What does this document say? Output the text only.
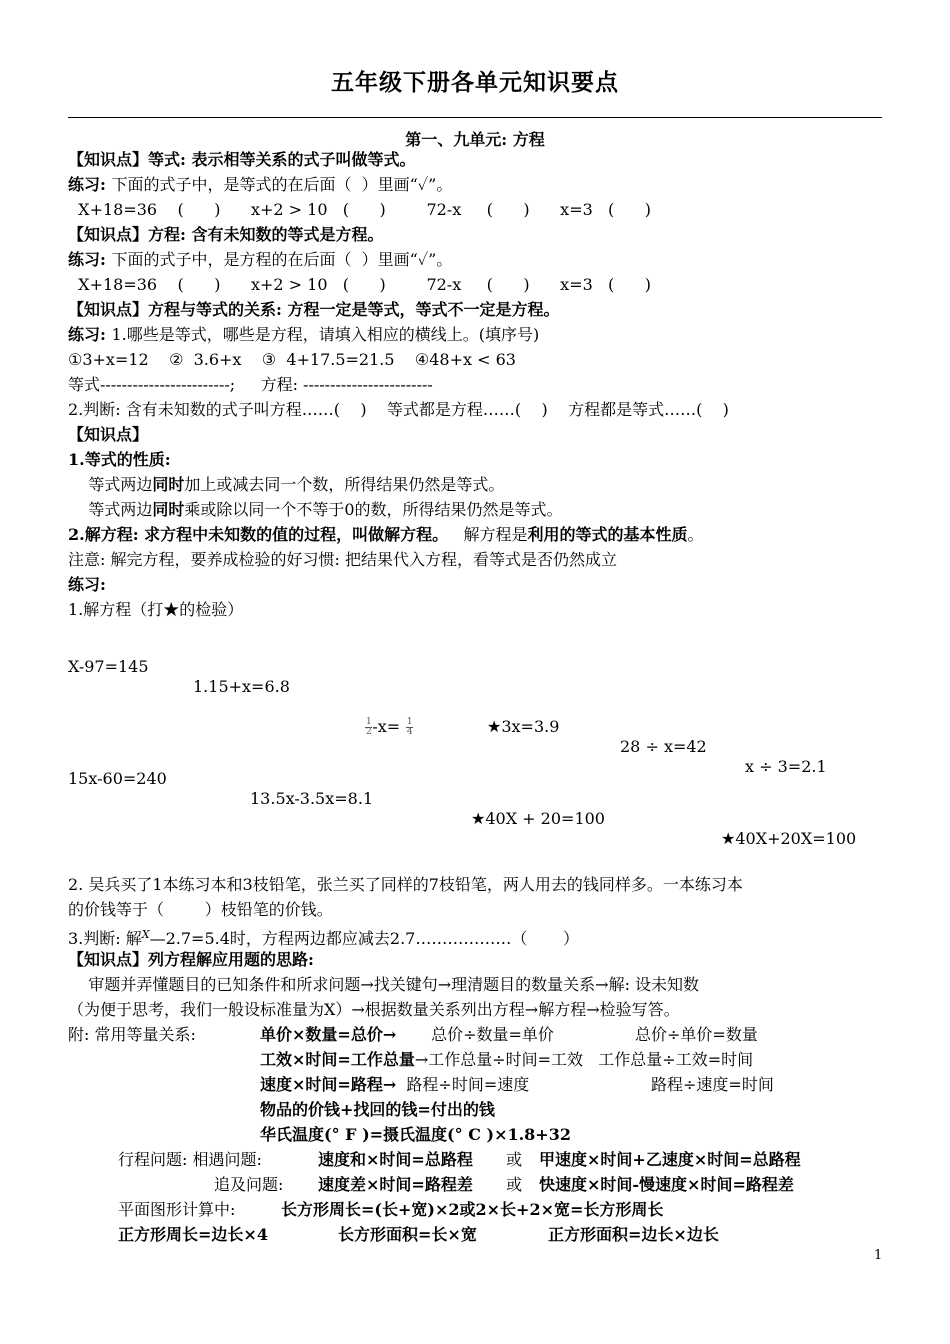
五年级下册各单元知识要点
第一、九单元: 方程
【知识点】等式: 表示相等关系的式子叫做等式。
练习: 下面的式子中，是等式的在后面（  ）里画“✓”。
X+18=36    (      )      x+2 > 10   (      )        72-x     (      )      x=3   (      )
【知识点】方程: 含有未知数的等式是方程。
练习: 下面的式子中，是方程的在后面（  ）里画“✓”。
X+18=36    (      )      x+2 > 10   (      )        72-x     (      )      x=3   (      )
【知识点】方程与等式的关系: 方程一定是等式，等式不一定是方程。
练习: 1.哪些是等式，哪些是方程，请填入相应的横线上。(填序号)
①3+x=12    ②  3.6+x    ③  4+17.5=21.5    ④48+x < 63
等式------------------------;     方程: ------------------------
2.判断: 含有未知数的式子叫方程……(    )    等式都是方程……(    )    方程都是等式……(    )
【知识点】
1.等式的性质:
等式两边同时加上或减去同一个数，所得结果仍然是等式。
等式两边同时乘或除以同一个不等于0的数，所得结果仍然是等式。
2.解方程: 求方程中未知数的值的过程，叫做解方程。   解方程是利用的等式的基本性质。
注意: 解完方程，要养成检验的好习惯: 把结果代入方程，看等式是否仍然成立
练习:
1.解方程（打★的检验）

X-97=145

1.15+x=6.8

$\frac{1}{2} -x= \frac{1}{4}$

	★3x=3.9

28 ÷ x=42

x ÷ 3=2.1

15x-60=240

13.5x-3.5x=8.1

★40X + 20=100

★40X+20X=100

2. 吴兵买了1本练习本和3枝铅笔，张兰买了同样的7枝铅笔，两人用去的钱同样多。一本练习本
的价钱等于（        ）枝铅笔的价钱。
3.判断: 解$^X$—2.7=5.4时，方程两边都应减去2.7………………（       ）
【知识点】列方程解应用题的思路:
审题并弄懂题目的已知条件和所求问题→找关键句→理清题目的数量关系→解: 设未知数
（为便于思考，我们一般设标准量为X）→根据数量关系列出方程→解方程→检验写答。
附: 常用等量关系:	单价×数量=总价→ 总价÷数量=单价	总价÷单价=数量
工效×时间=工作总量→工作总量÷时间=工效   工作总量÷工效=时间
速度×时间=路程→  路程÷时间=速度	路程÷速度=时间
物品的价钱+找回的钱=付出的钱
华氏温度(° F )=摄氏温度(° C )×1.8+32
行程问题: 相遇问题:	速度和×时间=总路程 或 甲速度×时间+乙速度×时间=总路程
追及问题: 速度差×时间=路程差 或 快速度×时间-慢速度×时间=路程差
平面图形计算中:	长方形周长=(长+宽)×2或2×长+2×宽=长方形周长
正方形周长=边长×4	长方形面积=长×宽	正方形面积=边长×边长
1
